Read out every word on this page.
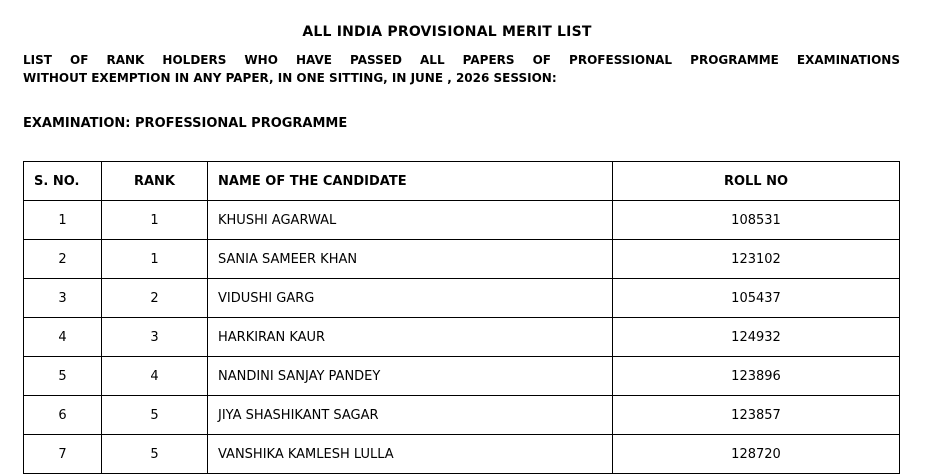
ALL INDIA PROVISIONAL MERIT LIST
LIST OF RANK HOLDERS WHO HAVE PASSED ALL PAPERS OF PROFESSIONAL PROGRAMME EXAMINATIONS
WITHOUT EXEMPTION IN ANY PAPER, IN ONE SITTING, IN JUNE , 2026 SESSION:
EXAMINATION: PROFESSIONAL PROGRAMME
S. NO.	RANK	NAME OF THE CANDIDATE	ROLL NO
1	1	KHUSHI AGARWAL	108531
2	1	SANIA SAMEER KHAN	123102
3	2	VIDUSHI GARG	105437
4	3	HARKIRAN KAUR	124932
5	4	NANDINI SANJAY PANDEY	123896
6	5	JIYA SHASHIKANT SAGAR	123857
7	5	VANSHIKA KAMLESH LULLA	128720
